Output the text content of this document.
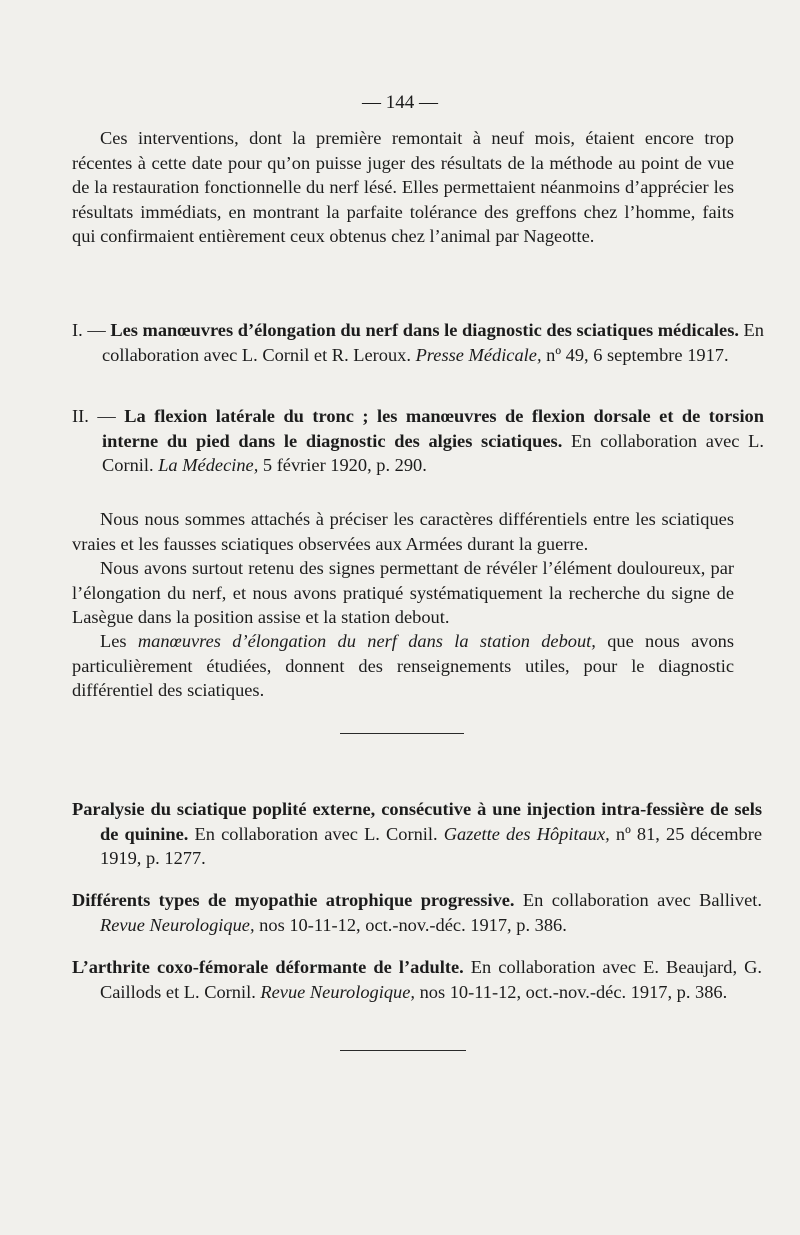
— 144 —

Ces interventions, dont la première remontait à neuf mois, étaient encore trop récentes à cette date pour qu’on puisse juger des résultats de la méthode au point de vue de la restauration fonctionnelle du nerf lésé. Elles permettaient néanmoins d’apprécier les résultats immédiats, en montrant la parfaite tolérance des greffons chez l’homme, faits qui confirmaient entièrement ceux obtenus chez l’animal par Nageotte.

I. — Les manœuvres d’élongation du nerf dans le diagnostic des sciatiques médicales. En collaboration avec L. Cornil et R. Leroux. Presse Médicale, nº 49, 6 septembre 1917.

II. — La flexion latérale du tronc ; les manœuvres de flexion dorsale et de torsion interne du pied dans le diagnostic des algies sciatiques. En collaboration avec L. Cornil. La Médecine, 5 février 1920, p. 290.

Nous nous sommes attachés à préciser les caractères différentiels entre les sciatiques vraies et les fausses sciatiques observées aux Armées durant la guerre.

Nous avons surtout retenu des signes permettant de révéler l’élément douloureux, par l’élongation du nerf, et nous avons pratiqué systématiquement la recherche du signe de Lasègue dans la position assise et la station debout.

Les manœuvres d’élongation du nerf dans la station debout, que nous avons particulièrement étudiées, donnent des renseignements utiles, pour le diagnostic différentiel des sciatiques.

Paralysie du sciatique poplité externe, consécutive à une injection intra-fessière de sels de quinine. En collaboration avec L. Cornil. Gazette des Hôpitaux, nº 81, 25 décembre 1919, p. 1277.

Différents types de myopathie atrophique progressive. En collaboration avec Ballivet. Revue Neurologique, nos 10-11-12, oct.-nov.-déc. 1917, p. 386.

L’arthrite coxo-fémorale déformante de l’adulte. En collaboration avec E. Beaujard, G. Caillods et L. Cornil. Revue Neurologique, nos 10-11-12, oct.-nov.-déc. 1917, p. 386.
